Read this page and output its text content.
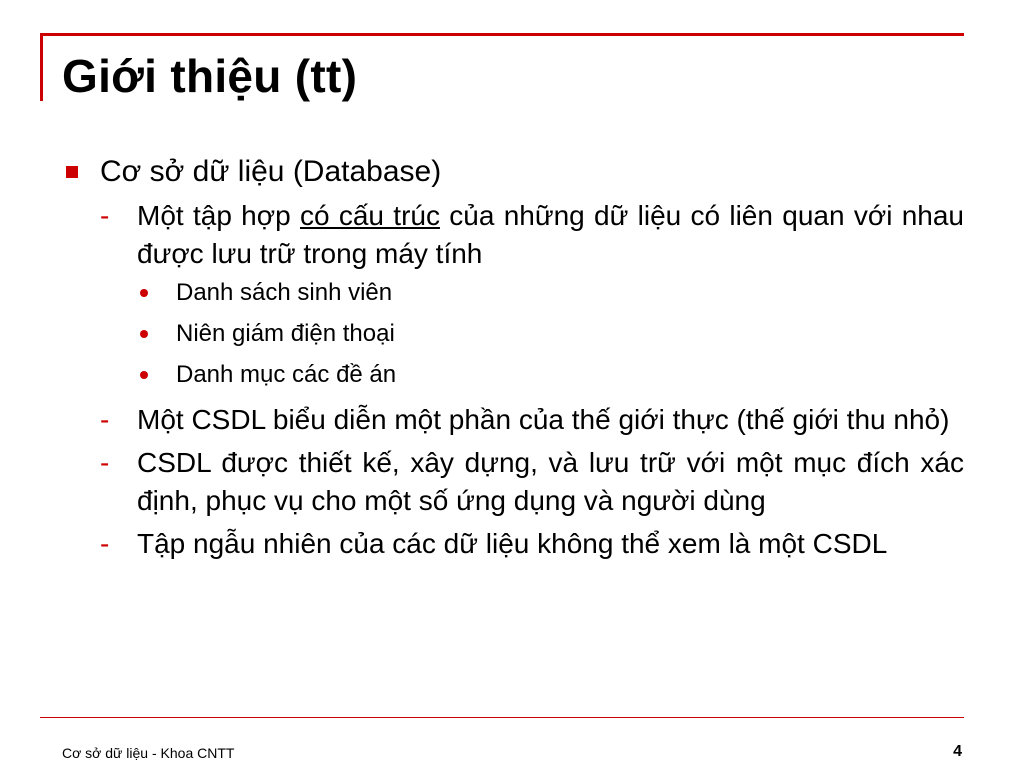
Giới thiệu (tt)
Cơ sở dữ liệu (Database)
- Một tập hợp có cấu trúc của những dữ liệu có liên quan với nhau được lưu trữ trong máy tính
Danh sách sinh viên
Niên giám điện thoại
Danh mục các đề án
- Một CSDL biểu diễn một phần của thế giới thực (thế giới thu nhỏ)
- CSDL được thiết kế, xây dựng, và lưu trữ với một mục đích xác định, phục vụ cho một số ứng dụng và người dùng
- Tập ngẫu nhiên của các dữ liệu không thể xem là một CSDL
Cơ sở dữ liệu - Khoa CNTT	4
